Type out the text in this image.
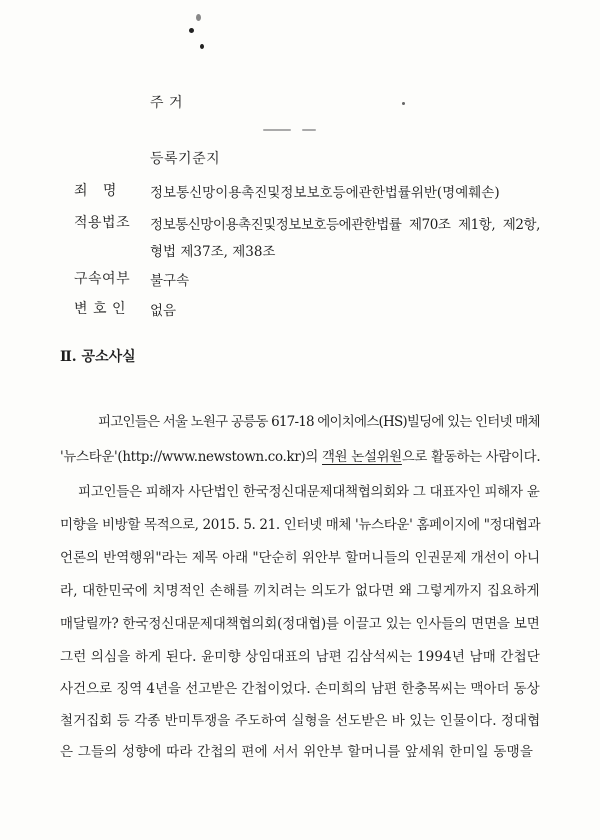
주 거
등록기준지
죄   명 정보통신망이용촉진및정보보호등에관한법률위반(명예훼손)
적용법조 정보통신망이용촉진및정보보호등에관한법률  제70조  제1항,  제2항,
형법 제37조, 제38조
구속여부 불구속
변 호 인 없음
Ⅱ. 공소사실
피고인들은 서울 노원구 공릉동 617-18 에이치에스(HS)빌딩에 있는 인터넷 매체
'뉴스타운'(http://www.newstown.co.kr)의 객원 논설위원으로 활동하는 사람이다.
피고인들은 피해자 사단법인 한국정신대문제대책협의회와 그 대표자인 피해자 윤
미향을 비방할 목적으로, 2015. 5. 21. 인터넷 매체 '뉴스타운' 홈페이지에 "정대협과
언론의 반역행위"라는 제목 아래 "단순히 위안부 할머니들의 인권문제 개선이 아니
라, 대한민국에 치명적인 손해를 끼치려는 의도가 없다면 왜 그렇게까지 집요하게
매달릴까? 한국정신대문제대책협의회(정대협)를 이끌고 있는 인사들의 면면을 보면
그런 의심을 하게 된다. 윤미향 상임대표의 남편 김삼석씨는 1994년 남매 간첩단
사건으로 징역 4년을 선고받은 간첩이었다. 손미희의 남편 한충목씨는 맥아더 동상
철거집회 등 각종 반미투쟁을 주도하여 실형을 선도받은 바 있는 인물이다. 정대협
은 그들의 성향에 따라 간첩의 편에 서서 위안부 할머니를 앞세워 한미일 동맹을
